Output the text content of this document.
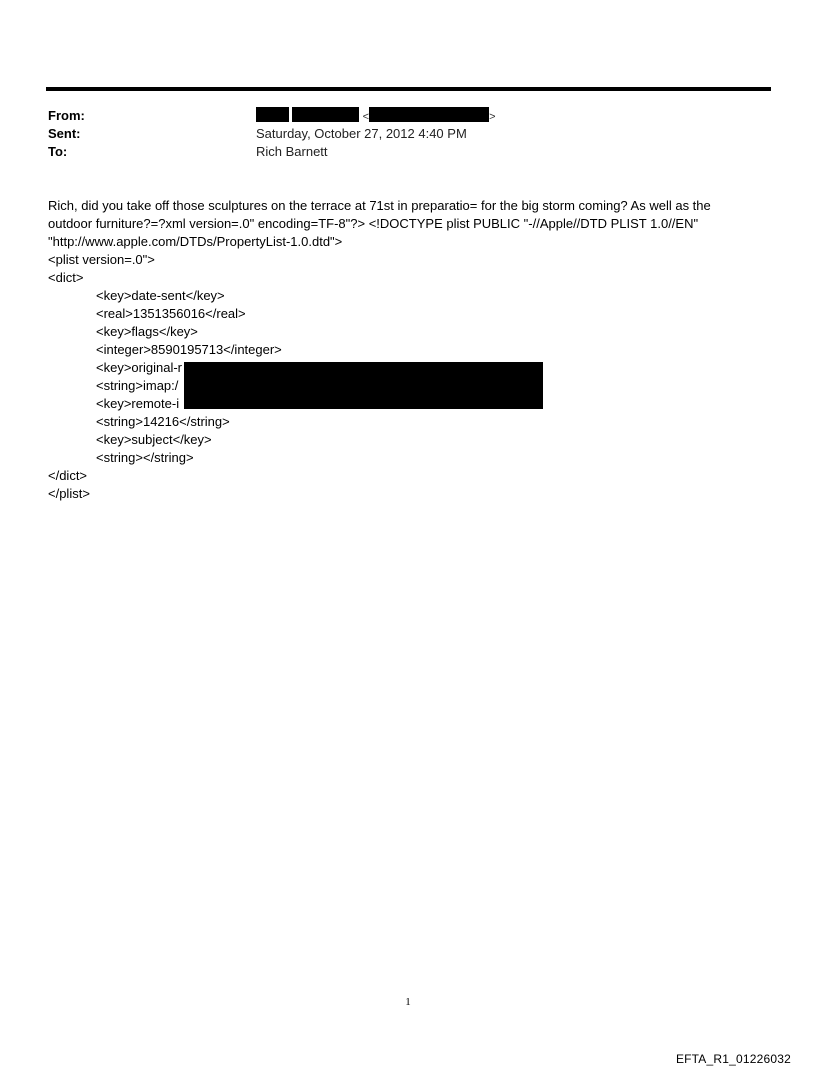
From:	<	>
Sent:	Saturday, October 27, 2012 4:40 PM
To:	Rich Barnett
Rich, did you take off those sculptures on the terrace at 71st in preparatio= for the big storm coming? As well as the
outdoor furniture?=?xml version=.0" encoding=TF-8"?> <!DOCTYPE plist PUBLIC "-//Apple//DTD PLIST 1.0//EN"
"http://www.apple.com/DTDs/PropertyList-1.0.dtd">
<plist version=.0">
<dict>
<key>date-sent</key>
<real>1351356016</real>
<key>flags</key>
<integer>8590195713</integer>
<key>original-r
<string>imap:/
<key>remote-i
<string>14216</string>
<key>subject</key>
<string></string>
</dict>
</plist>
1
EFTA_R1_01226032
